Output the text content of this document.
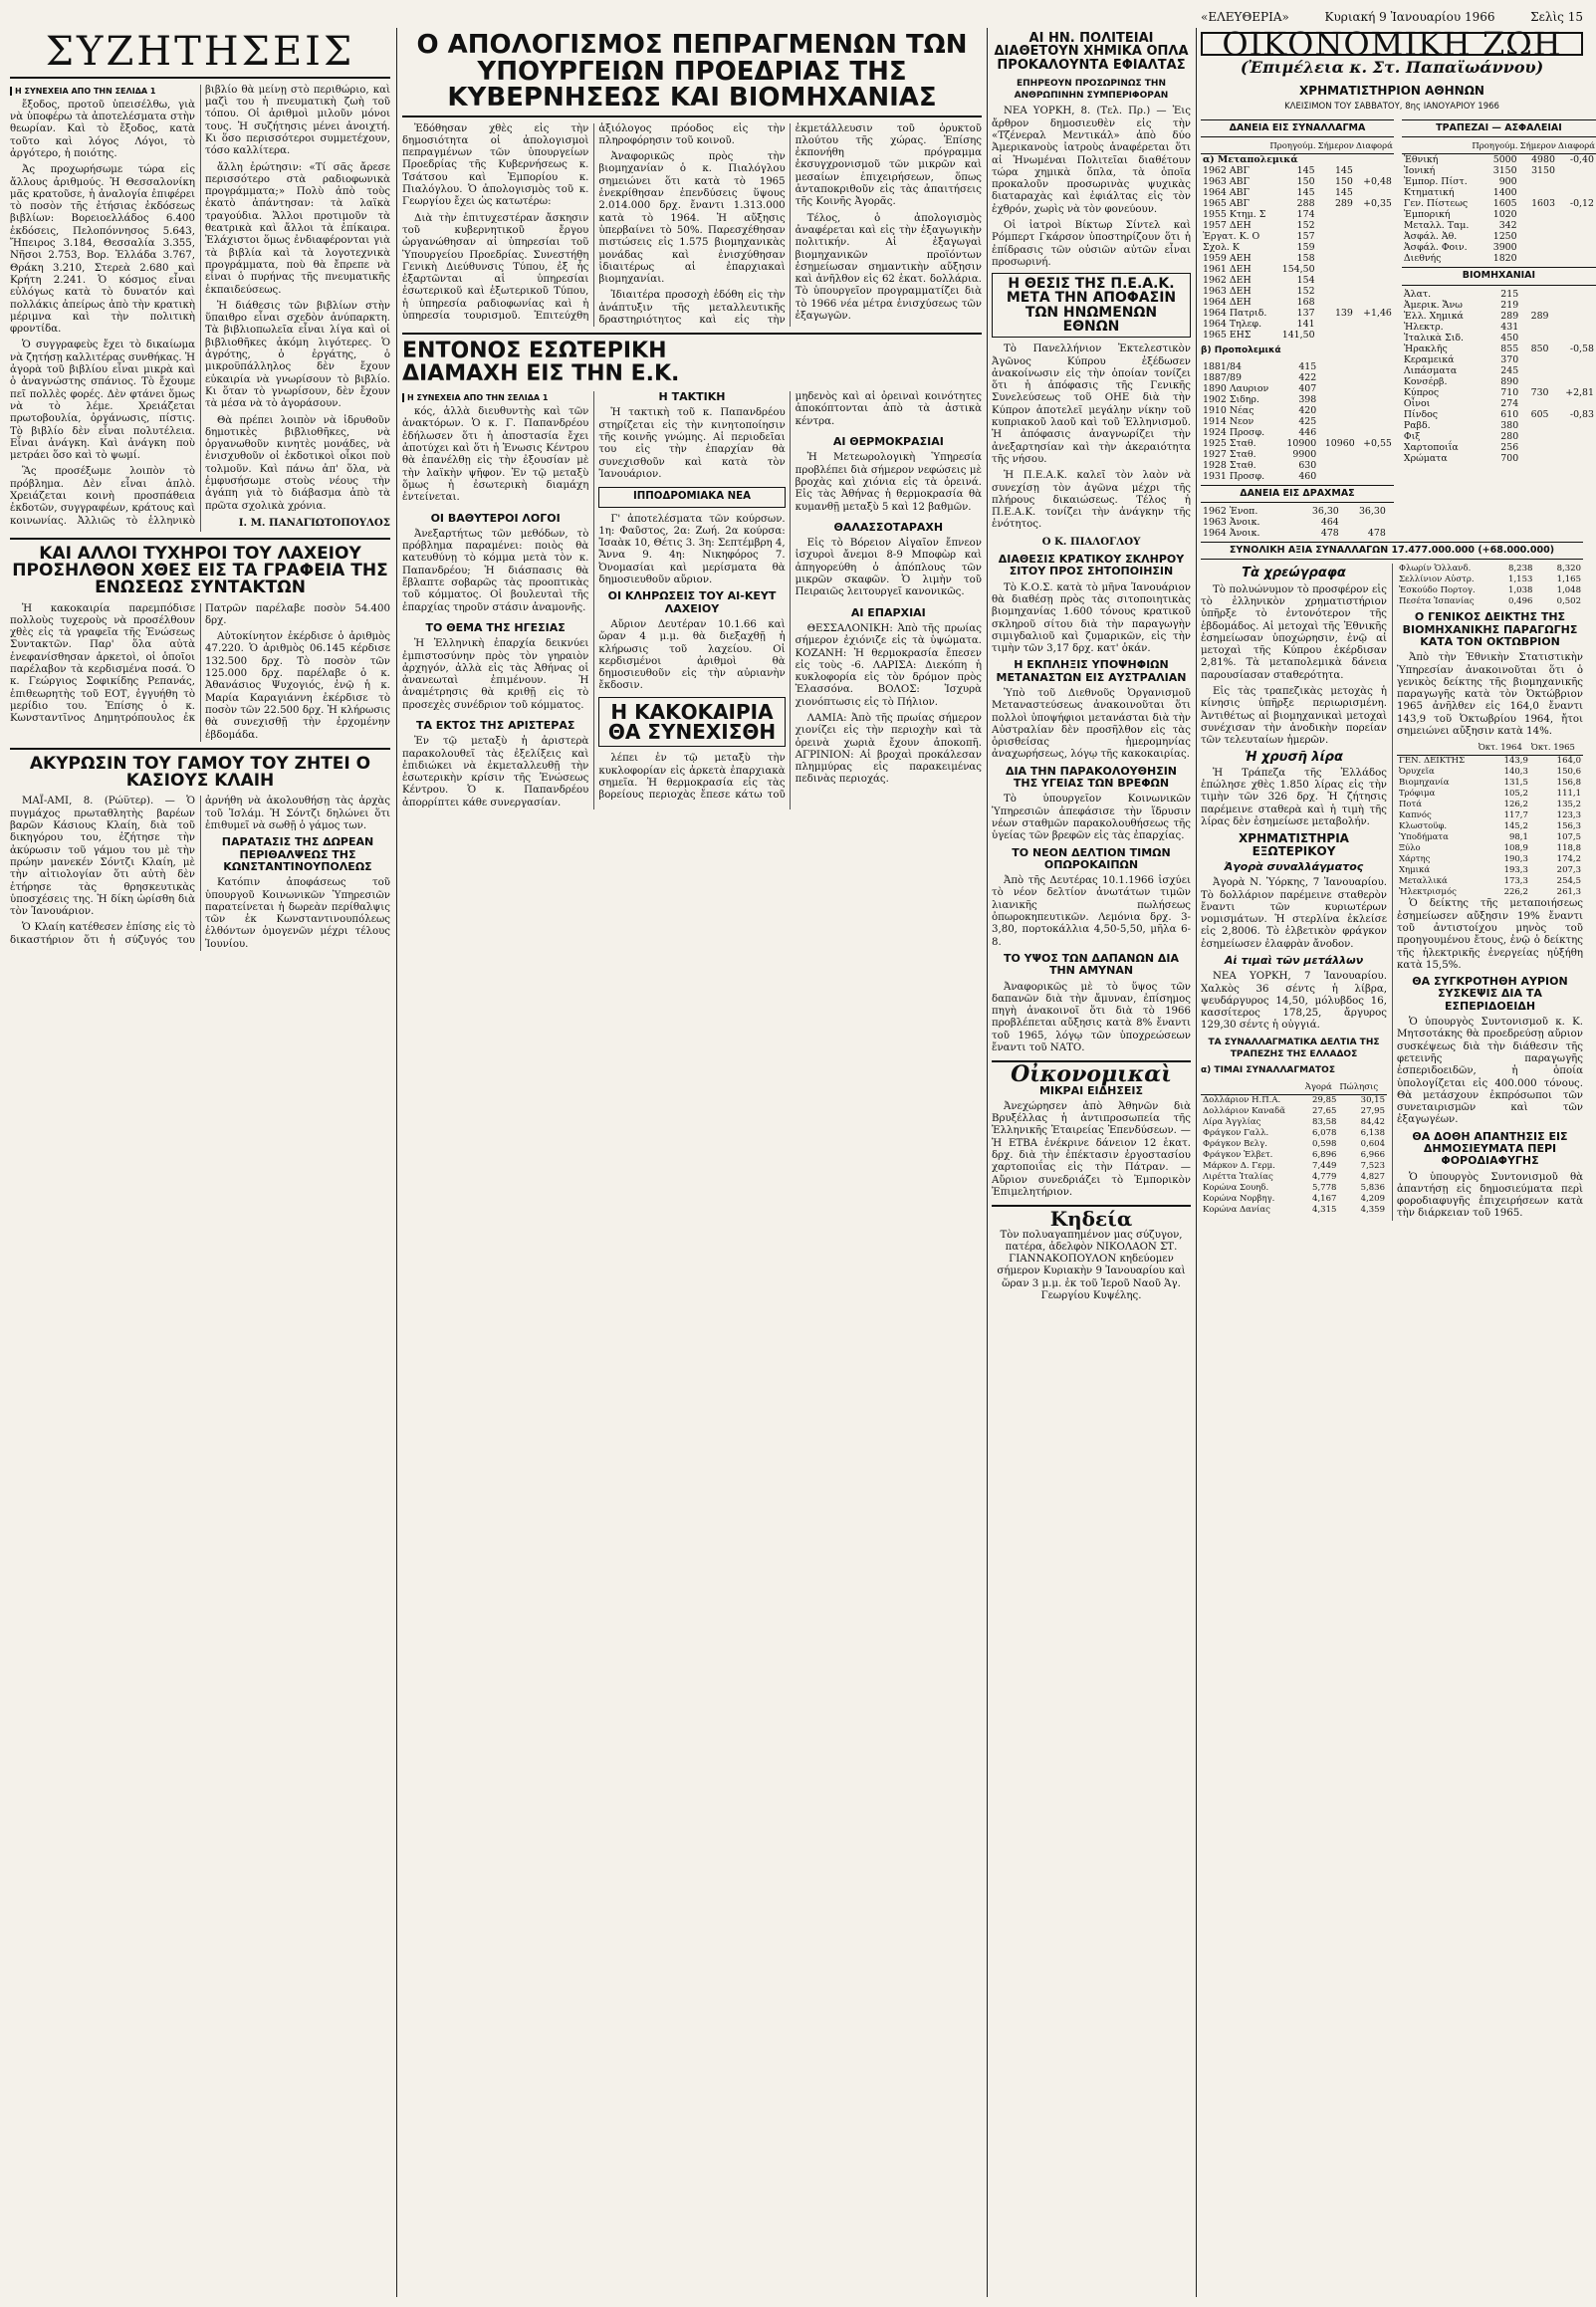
«ΕΛΕΥΘΕΡΙΑ»	Κυριακή 9 Ἰανουαρίου 1966	Σελὶς 15
ΣΥΖΗΤΗΣΕΙΣ
Η ΣΥΝΕΧΕΙΑ ΑΠΟ ΤΗΝ ΣΕΛΙΔΑ 1

ἔξοδος, προτοῦ ὑπεισέλθω, γιὰ νὰ ὑποφέρω τὰ ἀποτελέσματα στὴν θεωρίαν. Καὶ τὸ ἔξοδος, κατὰ τοῦτο καὶ λόγος Λόγοι, τὸ ἀργότερο, ἡ ποιότης.

Ἀς προχωρήσωμε τώρα εἰς ἄλλους ἀριθμούς. Ἡ Θεσσαλονίκη μᾶς κρατοῦσε, ἡ ἀναλογία ἐπιφέρει τὸ ποσὸν τῆς ἐτήσιας ἐκδόσεως βιβλίων: Βορειοελλάδος 6.400 ἐκδόσεις, Πελοπόννησος 5.643, Ἤπειρος 3.184, Θεσσαλία 3.355, Νῆσοι 2.753, Βορ. Ἑλλάδα 3.767, Θράκη 3.210, Στερεὰ 2.680 καὶ Κρήτη 2.241. Ὁ κόσμος εἶναι εὐλόγως κατὰ τὸ δυνατόν καὶ πολλάκις ἀπείρως ἀπὸ τὴν κρατικὴ μέριμνα καὶ τὴν πολιτικὴ φροντίδα.

Ὁ συγγραφεὺς ἔχει τὸ δικαίωμα νὰ ζητήσῃ καλλιτέρας συνθήκας. Ἡ ἀγορὰ τοῦ βιβλίου εἶναι μικρὰ καὶ ὁ ἀναγνώστης σπάνιος. Τὸ ἔχουμε πεῖ πολλὲς φορές. Δὲν φτάνει ὅμως νὰ τὸ λέμε. Χρειάζεται πρωτοβουλία, ὀργάνωσις, πίστις. Τὸ βιβλίο δὲν εἶναι πολυτέλεια. Εἶναι ἀνάγκη. Καὶ ἀνάγκη ποὺ μετράει ὅσο καὶ τὸ ψωμί.

Ἂς προσέξωμε λοιπὸν τὸ πρόβλημα. Δὲν εἶναι ἁπλὸ. Χρειάζεται κοινὴ προσπάθεια ἐκδοτῶν, συγγραφέων, κράτους καὶ κοινωνίας. Ἀλλιῶς τὸ ἑλληνικὸ βιβλίο θὰ μείνῃ στὸ περιθώριο, καὶ μαζὶ του ἡ πνευματικὴ ζωὴ τοῦ τόπου. Οἱ ἀριθμοὶ μιλοῦν μόνοι τους. Ἡ συζήτησις μένει ἀνοιχτή. Κι ὅσο περισσότεροι συμμετέχουν, τόσο καλλίτερα.

ἄλλη ἐρώτησιν: «Τί σᾶς ἄρεσε περισσότερο στὰ ραδιοφωνικὰ προγράμματα;» Πολὺ ἀπὸ τοὺς ἑκατὸ ἀπάντησαν: τὰ λαϊκὰ τραγούδια. Ἄλλοι προτιμοῦν τὰ θεατρικὰ καὶ ἄλλοι τὰ ἐπίκαιρα. Ἐλάχιστοι ὅμως ἐνδιαφέρονται γιὰ τὰ βιβλία καὶ τὰ λογοτεχνικὰ προγράμματα, ποὺ θὰ ἔπρεπε νὰ εἶναι ὁ πυρήνας τῆς πνευματικῆς ἐκπαιδεύσεως.

Ἡ διάθεσις τῶν βιβλίων στὴν ὕπαιθρο εἶναι σχεδὸν ἀνύπαρκτη. Τὰ βιβλιοπωλεῖα εἶναι λίγα καὶ οἱ βιβλιοθῆκες ἀκόμη λιγότερες. Ὁ ἀγρότης, ὁ ἐργάτης, ὁ μικροϋπάλληλος δὲν ἔχουν εὐκαιρία νὰ γνωρίσουν τὸ βιβλίο. Κι ὅταν τὸ γνωρίσουν, δὲν ἔχουν τὰ μέσα νὰ τὸ ἀγοράσουν.

Θὰ πρέπει λοιπὸν νὰ ἱδρυθοῦν δημοτικὲς βιβλιοθῆκες, νὰ ὀργανωθοῦν κινητὲς μονάδες, νὰ ἐνισχυθοῦν οἱ ἐκδοτικοὶ οἶκοι ποὺ τολμοῦν. Καὶ πάνω ἀπ' ὅλα, νὰ ἐμφυσήσωμε στοὺς νέους τὴν ἀγάπη γιὰ τὸ διάβασμα ἀπὸ τὰ πρῶτα σχολικὰ χρόνια.

Ι. Μ. ΠΑΝΑΓΙΩΤΟΠΟΥΛΟΣ
ΚΑΙ ΑΛΛΟΙ ΤΥΧΗΡΟΙ ΤΟΥ ΛΑΧΕΙΟΥ ΠΡΟΣΗΛΘΟΝ ΧΘΕΣ ΕΙΣ ΤΑ ΓΡΑΦΕΙΑ ΤΗΣ ΕΝΩΣΕΩΣ ΣΥΝΤΑΚΤΩΝ

Ἡ κακοκαιρία παρεμπόδισε πολλοὺς τυχεροὺς νὰ προσέλθουν χθὲς εἰς τὰ γραφεῖα τῆς Ἑνώσεως Συντακτῶν. Παρ' ὅλα αὐτὰ ἐνεφανίσθησαν ἀρκετοὶ, οἱ ὁποῖοι παρέλαβον τὰ κερδισμένα ποσά. Ὁ κ. Γεώργιος Σοφικίδης Ρεπανάς, ἐπιθεωρητὴς τοῦ ΕΟΤ, ἐγγυήθη τὸ μερίδιο του. Ἐπίσης ὁ κ. Κωνσταντῖνος Δημητρόπουλος ἐκ Πατρῶν παρέλαβε ποσὸν 54.400 δρχ.

Αὐτοκίνητον ἐκέρδισε ὁ ἀριθμὸς 47.220. Ὁ ἀριθμὸς 06.145 κέρδισε 132.500 δρχ. Τὸ ποσὸν τῶν 125.000 δρχ. παρέλαβε ὁ κ. Ἀθανάσιος Ψυχογιός, ἐνῷ ἡ κ. Μαρία Καραγιάννη ἐκέρδισε τὸ ποσὸν τῶν 22.500 δρχ. Ἡ κλήρωσις θὰ συνεχισθῇ τὴν ἐρχομένην ἑβδομάδα.

ΑΚΥΡΩΣΙΝ ΤΟΥ ΓΑΜΟΥ ΤΟΥ ΖΗΤΕΙ Ο ΚΑΣΙΟΥΣ ΚΛΑΙΗ

ΜΑΪ-ΑΜΙ, 8. (Ρώϋτερ). — Ὁ πυγμάχος πρωταθλητὴς βαρέων βαρῶν Κάσιους Κλαίη, διὰ τοῦ δικηγόρου του, ἐζήτησε τὴν ἀκύρωσιν τοῦ γάμου του μὲ τὴν πρώην μανεκέν Σόντζι Κλαίη, μὲ τὴν αἰτιολογίαν ὅτι αὐτὴ δὲν ἐτήρησε τὰς θρησκευτικὰς ὑποσχέσεις της. Ἡ δίκη ὡρίσθη διὰ τὸν Ἰανουάριον.

Ὁ Κλαίη κατέθεσεν ἐπίσης εἰς τὸ δικαστήριον ὅτι ἡ σύζυγός του ἀρνήθη νὰ ἀκολουθήσῃ τὰς ἀρχὰς τοῦ Ἰσλάμ. Ἡ Σόντζι δηλώνει ὅτι ἐπιθυμεῖ νὰ σωθῇ ὁ γάμος των.

ΠΑΡΑΤΑΣΙΣ ΤΗΣ ΔΩΡΕΑΝ ΠΕΡΙΘΑΛΨΕΩΣ ΤΗΣ ΚΩΝΣΤΑΝΤΙΝΟΥΠΟΛΕΩΣ

Κατόπιν ἀποφάσεως τοῦ ὑπουργοῦ Κοινωνικῶν Ὑπηρεσιῶν παρατείνεται ἡ δωρεὰν περίθαλψις τῶν ἐκ Κωνσταντινουπόλεως ἐλθόντων ὁμογενῶν μέχρι τέλους Ἰουνίου.

Ο ΑΠΟΛΟΓΙΣΜΟΣ ΠΕΠΡΑΓΜΕΝΩΝ ΤΩΝ ΥΠΟΥΡΓΕΙΩΝ ΠΡΟΕΔΡΙΑΣ ΤΗΣ ΚΥΒΕΡΝΗΣΕΩΣ ΚΑΙ ΒΙΟΜΗΧΑΝΙΑΣ

Ἐδόθησαν χθὲς εἰς τὴν δημοσιότητα οἱ ἀπολογισμοὶ πεπραγμένων τῶν ὑπουργείων Προεδρίας τῆς Κυβερνήσεως κ. Τσάτσου καὶ Ἐμπορίου κ. Πιαλόγλου. Ὁ ἀπολογισμὸς τοῦ κ. Γεωργίου ἔχει ὡς κατωτέρω:

Διὰ τὴν ἐπιτυχεστέραν ἄσκησιν τοῦ κυβερνητικοῦ ἔργου ὠργανώθησαν αἱ ὑπηρεσίαι τοῦ Ὑπουργείου Προεδρίας. Συνεστήθη Γενικὴ Διεύθυνσις Τύπου, ἐξ ἧς ἐξαρτῶνται αἱ ὑπηρεσίαι ἐσωτερικοῦ καὶ ἐξωτερικοῦ Τύπου, ἡ ὑπηρεσία ραδιοφωνίας καὶ ἡ ὑπηρεσία τουρισμοῦ. Ἐπιτεύχθη ἀξιόλογος πρόοδος εἰς τὴν πληροφόρησιν τοῦ κοινοῦ.

Ἀναφορικῶς πρὸς τὴν βιομηχανίαν ὁ κ. Πιαλόγλου σημειώνει ὅτι κατὰ τὸ 1965 ἐνεκρίθησαν ἐπενδύσεις ὕψους 2.014.000 δρχ. ἔναντι 1.313.000 κατὰ τὸ 1964. Ἡ αὔξησις ὑπερβαίνει τὸ 50%. Παρεσχέθησαν πιστώσεις εἰς 1.575 βιομηχανικὰς μονάδας καὶ ἐνισχύθησαν ἰδιαιτέρως αἱ ἐπαρχιακαὶ βιομηχανίαι.

Ἰδιαιτέρα προσοχὴ ἐδόθη εἰς τὴν ἀνάπτυξιν τῆς μεταλλευτικῆς δραστηριότητος καὶ εἰς τὴν ἐκμετάλλευσιν τοῦ ὀρυκτοῦ πλούτου τῆς χώρας. Ἐπίσης ἐκπονήθη πρόγραμμα ἐκσυγχρονισμοῦ τῶν μικρῶν καὶ μεσαίων ἐπιχειρήσεων, ὅπως ἀνταποκριθοῦν εἰς τὰς ἀπαιτήσεις τῆς Κοινῆς Ἀγορᾶς.

Τέλος, ὁ ἀπολογισμὸς ἀναφέρεται καὶ εἰς τὴν ἐξαγωγικὴν πολιτικήν. Αἱ ἐξαγωγαὶ βιομηχανικῶν προϊόντων ἐσημείωσαν σημαντικὴν αὔξησιν καὶ ἀνῆλθον εἰς 62 ἑκατ. δολλάρια. Τὸ ὑπουργεῖον προγραμματίζει διὰ τὸ 1966 νέα μέτρα ἐνισχύσεως τῶν ἐξαγωγῶν.

ΕΝΤΟΝΟΣ ΕΣΩΤΕΡΙΚΗ ΔΙΑΜΑΧΗ ΕΙΣ ΤΗΝ Ε.Κ.
Η ΣΥΝΕΧΕΙΑ ΑΠΟ ΤΗΝ ΣΕΛΙΔΑ 1

κός, ἀλλὰ διευθυντὴς καὶ τῶν ἀνακτόρων. Ὁ κ. Γ. Παπανδρέου ἐδήλωσεν ὅτι ἡ ἀποστασία ἔχει ἀποτύχει καὶ ὅτι ἡ Ἑνωσις Κέντρου θὰ ἐπανέλθῃ εἰς τὴν ἐξουσίαν μὲ τὴν λαϊκὴν ψῆφον. Ἐν τῷ μεταξὺ ὅμως ἡ ἐσωτερικὴ διαμάχη ἐντείνεται.

ΟΙ ΒΑΘΥΤΕΡΟΙ ΛΟΓΟΙ

Ἀνεξαρτήτως τῶν μεθόδων, τὸ πρόβλημα παραμένει: ποιὸς θὰ κατευθύνῃ τὸ κόμμα μετὰ τὸν κ. Παπανδρέου; Ἡ διάσπασις θὰ ἔβλαπτε σοβαρῶς τὰς προοπτικὰς τοῦ κόμματος. Οἱ βουλευταὶ τῆς ἐπαρχίας τηροῦν στάσιν ἀναμονῆς.

ΤΟ ΘΕΜΑ ΤΗΣ ΗΓΕΣΙΑΣ

Ἡ Ἑλληνικὴ ἐπαρχία δεικνύει ἐμπιστοσύνην πρὸς τὸν γηραιὸν ἀρχηγόν, ἀλλὰ εἰς τὰς Ἀθήνας οἱ ἀνανεωταὶ ἐπιμένουν. Ἡ ἀναμέτρησις θὰ κριθῇ εἰς τὸ προσεχὲς συνέδριον τοῦ κόμματος.

ΤΑ ΕΚΤΟΣ ΤΗΣ ΑΡΙΣΤΕΡΑΣ

Ἐν τῷ μεταξὺ ἡ ἀριστερὰ παρακολουθεῖ τὰς ἐξελίξεις καὶ ἐπιδιώκει νὰ ἐκμεταλλευθῇ τὴν ἐσωτερικὴν κρίσιν τῆς Ἑνώσεως Κέντρου. Ὁ κ. Παπανδρέου ἀπορρίπτει κάθε συνεργασίαν.

Η ΤΑΚΤΙΚΗ

Ἡ τακτικὴ τοῦ κ. Παπανδρέου στηρίζεται εἰς τὴν κινητοποίησιν τῆς κοινῆς γνώμης. Αἱ περιοδεῖαι του εἰς τὴν ἐπαρχίαν θὰ συνεχισθοῦν καὶ κατὰ τὸν Ἰανουάριον.

ΙΠΠΟΔΡΟΜΙΑΚΑ ΝΕΑ

Γ' ἀποτελέσματα τῶν κούρσων. 1η: Φαῦστος, 2α: Ζωή. 2α κούρσα: Ἰσαὰκ 10, Θέτις 3. 3η: Σεπτέμβρη 4, Ἄννα 9. 4η: Νικηφόρος 7. Ὀνομασίαι καὶ μερίσματα θὰ δημοσιευθοῦν αὔριον.

ΟΙ ΚΛΗΡΩΣΕΙΣ ΤΟΥ ΑΙ-ΚΕΥΤ ΛΑΧΕΙΟΥ

Αὔριον Δευτέραν 10.1.66 καὶ ὥραν 4 μ.μ. θὰ διεξαχθῇ ἡ κλήρωσις τοῦ λαχείου. Οἱ κερδισμένοι ἀριθμοὶ θὰ δημοσιευθοῦν εἰς τὴν αὐριανὴν ἔκδοσιν.

Η ΚΑΚΟΚΑΙΡΙΑ ΘΑ ΣΥΝΕΧΙΣΘΗ

λέπει ἐν τῷ μεταξὺ τὴν κυκλοφορίαν εἰς ἀρκετὰ ἐπαρχιακὰ σημεῖα. Ἡ θερμοκρασία εἰς τὰς βορείους περιοχὰς ἔπεσε κάτω τοῦ μηδενὸς καὶ αἱ ὀρειναὶ κοινότητες ἀποκόπτονται ἀπὸ τὰ ἀστικὰ κέντρα.

ΑΙ ΘΕΡΜΟΚΡΑΣΙΑΙ

Ἡ Μετεωρολογικὴ Ὑπηρεσία προβλέπει διὰ σήμερον νεφώσεις μὲ βροχὰς καὶ χιόνια εἰς τὰ ὀρεινά. Εἰς τὰς Ἀθήνας ἡ θερμοκρασία θὰ κυμανθῇ μεταξὺ 5 καὶ 12 βαθμῶν.

ΘΑΛΑΣΣΟΤΑΡΑΧΗ

Εἰς τὸ Βόρειον Αἰγαῖον ἔπνεον ἰσχυροὶ ἄνεμοι 8-9 Μποφὼρ καὶ ἀπηγορεύθη ὁ ἀπόπλους τῶν μικρῶν σκαφῶν. Ὁ λιμὴν τοῦ Πειραιῶς λειτουργεῖ κανονικῶς.

ΑΙ ΕΠΑΡΧΙΑΙ

ΘΕΣΣΑΛΟΝΙΚΗ: Ἀπὸ τῆς πρωίας σήμερον ἐχιόνιζε εἰς τὰ ὑψώματα. ΚΟΖΑΝΗ: Ἡ θερμοκρασία ἔπεσεν εἰς τοὺς -6. ΛΑΡΙΣΑ: Διεκόπη ἡ κυκλοφορία εἰς τὸν δρόμον πρὸς Ἐλασσόνα. ΒΟΛΟΣ: Ἰσχυρὰ χιονόπτωσις εἰς τὸ Πήλιον.

ΛΑΜΙΑ: Ἀπὸ τῆς πρωίας σήμερον χιονίζει εἰς τὴν περιοχὴν καὶ τὰ ὀρεινὰ χωριὰ ἔχουν ἀποκοπῆ. ΑΓΡΙΝΙΟΝ: Αἱ βροχαὶ προκάλεσαν πλημμύρας εἰς παρακειμένας πεδινὰς περιοχάς.

ΑΙ ΗΝ. ΠΟΛΙΤΕΙΑΙ ΔΙΑΘΕΤΟΥΝ ΧΗΜΙΚΑ ΟΠΛΑ ΠΡΟΚΑΛΟΥΝΤΑ ΕΦΙΑΛΤΑΣ
ΕΠΗΡΕΟΥΝ ΠΡΟΣΩΡΙΝΩΣ ΤΗΝ ΑΝΘΡΩΠΙΝΗΝ ΣΥΜΠΕΡΙΦΟΡΑΝ

ΝΕΑ ΥΟΡΚΗ, 8. (Τελ. Πρ.) — Ἐις ἄρθρον δημοσιευθὲν εἰς τὴν «Τζένεραλ Μεντικάλ» ἀπὸ δύο Ἀμερικανοὺς ἰατροὺς ἀναφέρεται ὅτι αἱ Ἡνωμέναι Πολιτεῖαι διαθέτουν τώρα χημικὰ ὅπλα, τὰ ὁποῖα προκαλοῦν προσωρινὰς ψυχικὰς διαταραχὰς καὶ ἐφιάλτας εἰς τὸν ἐχθρόν, χωρὶς νὰ τὸν φονεύουν.

Οἱ ἰατροὶ Βίκτωρ Σίντελ καὶ Ρόμπερτ Γκάρσον ὑποστηρίζουν ὅτι ἡ ἐπίδρασις τῶν οὐσιῶν αὐτῶν εἶναι προσωρινή.

Η ΘΕΣΙΣ ΤΗΣ Π.Ε.Α.Κ. ΜΕΤΑ ΤΗΝ ΑΠΟΦΑΣΙΝ ΤΩΝ ΗΝΩΜΕΝΩΝ ΕΘΝΩΝ

Τὸ Πανελλήνιον Ἐκτελεστικὸν Ἀγῶνος Κύπρου ἐξέδωσεν ἀνακοίνωσιν εἰς τὴν ὁποίαν τονίζει ὅτι ἡ ἀπόφασις τῆς Γενικῆς Συνελεύσεως τοῦ ΟΗΕ διὰ τὴν Κύπρον ἀποτελεῖ μεγάλην νίκην τοῦ κυπριακοῦ λαοῦ καὶ τοῦ Ἑλληνισμοῦ. Ἡ ἀπόφασις ἀναγνωρίζει τὴν ἀνεξαρτησίαν καὶ τὴν ἀκεραιότητα τῆς νήσου.

Ἡ Π.Ε.Α.Κ. καλεῖ τὸν λαὸν νὰ συνεχίσῃ τὸν ἀγῶνα μέχρι τῆς πλήρους δικαιώσεως. Τέλος ἡ Π.Ε.Α.Κ. τονίζει τὴν ἀνάγκην τῆς ἑνότητος.

Ο Κ. ΠΙΑΛΟΓΛΟΥ
ΔΙΑΘΕΣΙΣ ΚΡΑΤΙΚΟΥ ΣΚΛΗΡΟΥ ΣΙΤΟΥ ΠΡΟΣ ΣΗΤΟΠΟΙΗΣΙΝ

Τὸ Κ.Ο.Σ. κατὰ τὸ μῆνα Ἰανουάριον θὰ διαθέσῃ πρὸς τὰς σιτοποιητικὰς βιομηχανίας 1.600 τόνους κρατικοῦ σκληροῦ σίτου διὰ τὴν παραγωγὴν σιμιγδαλιοῦ καὶ ζυμαρικῶν, εἰς τὴν τιμὴν τῶν 3,17 δρχ. κατ' ὀκάν.

Η ΕΚΠΛΗΞΙΣ ΥΠΟΨΗΦΙΩΝ ΜΕΤΑΝΑΣΤΩΝ ΕΙΣ ΑΥΣΤΡΑΛΙΑΝ

Ὑπὸ τοῦ Διεθνοῦς Ὀργανισμοῦ Μεταναστεύσεως ἀνακοινοῦται ὅτι πολλοὶ ὑποψήφιοι μετανάσται διὰ τὴν Αὐστραλίαν δὲν προσῆλθον εἰς τὰς ὁρισθείσας ἡμερομηνίας ἀναχωρήσεως, λόγῳ τῆς κακοκαιρίας.

ΔΙΑ ΤΗΝ ΠΑΡΑΚΟΛΟΥΘΗΣΙΝ ΤΗΣ ΥΓΕΙΑΣ ΤΩΝ ΒΡΕΦΩΝ

Τὸ ὑπουργεῖον Κοινωνικῶν Ὑπηρεσιῶν ἀπεφάσισε τὴν ἵδρυσιν νέων σταθμῶν παρακολουθήσεως τῆς ὑγείας τῶν βρεφῶν εἰς τὰς ἐπαρχίας.

ΤΟ ΝΕΟΝ ΔΕΛΤΙΟΝ ΤΙΜΩΝ ΟΠΩΡΟΚΑΙΠΩΝ

Ἀπὸ τῆς Δευτέρας 10.1.1966 ἰσχύει τὸ νέον δελτίον ἀνωτάτων τιμῶν λιανικῆς πωλήσεως ὀπωροκηπευτικῶν. Λεμόνια δρχ. 3-3,80, πορτοκάλλια 4,50-5,50, μῆλα 6-8.

ΤΟ ΥΨΟΣ ΤΩΝ ΔΑΠΑΝΩΝ ΔΙΑ ΤΗΝ ΑΜΥΝΑΝ

Ἀναφορικῶς μὲ τὸ ὕψος τῶν δαπανῶν διὰ τὴν ἄμυναν, ἐπίσημος πηγὴ ἀνακοινοῖ ὅτι διὰ τὸ 1966 προβλέπεται αὔξησις κατὰ 8% ἔναντι τοῦ 1965, λόγῳ τῶν ὑποχρεώσεων ἔναντι τοῦ ΝΑΤΟ.

Οἰκονομικαὶ
ΜΙΚΡΑΙ ΕΙΔΗΣΕΙΣ

Ἀνεχώρησεν ἀπὸ Ἀθηνῶν διὰ Βρυξέλλας ἡ ἀντιπροσωπεία τῆς Ἑλληνικῆς Ἑταιρείας Ἐπενδύσεων. — Ἡ ΕΤΒΑ ἐνέκρινε δάνειον 12 ἑκατ. δρχ. διὰ τὴν ἐπέκτασιν ἐργοστασίου χαρτοποιΐας εἰς τὴν Πάτραν. — Αὔριον συνεδριάζει τὸ Ἐμπορικὸν Ἐπιμελητήριον.

Κηδεία

Τὸν πολυαγαπημένον μας σύζυγον, πατέρα, ἀδελφὸν ΝΙΚΟΛΑΟΝ ΣΤ. ΓΙΑΝΝΑΚΟΠΟΥΛΟΝ κηδεύομεν σήμερον Κυριακὴν 9 Ἰανουαρίου καὶ ὥραν 3 μ.μ. ἐκ τοῦ Ἱεροῦ Ναοῦ Ἁγ. Γεωργίου Κυψέλης.

ΟΙΚΟΝΟΜΙΚΗ ΖΩΗ
(Ἐπιμέλεια κ. Στ. Παπαϊωάννου)
ΧΡΗΜΑΤΙΣΤΗΡΙΟΝ ΑΘΗΝΩΝ
ΚΛΕΙΣΙΜΟΝ ΤΟΥ ΣΑΒΒΑΤΟΥ, 8ης ΙΑΝΟΥΑΡΙΟΥ 1966
ΔΑΝΕΙΑ ΕΙΣ ΣΥΝΑΛΛΑΓΜΑ
	Προηγούμ.	Σήμερον	Διαφορά
α) Μεταπολεμικά			
1962 ΑΒΓ	145	145	
1963 ΑΒΓ	150	150	+0,48
1964 ΑΒΓ	145	145	
1965 ΑΒΓ	288	289	+0,35
1955 Κτημ. Σ	174		
1957 ΔΕΗ	152		
Ἐργατ. Κ. Ο	157		
Σχολ. Κ	159		
1959 ΑΕΗ	158		
1961 ΔΕΗ	154,50		
1962 ΔΕΗ	154		
1963 ΔΕΗ	152		
1964 ΔΕΗ	168		
1964 Πατριδ.	137	139	+1,46
1964 Τηλεφ.	141		
1965 ΕΗΣ	141,50		
β) Προπολεμικά
1881/84	415		
1887/89	422		
1890 Λαυριον	407		
1902 Σιδηρ.	398		
1910 Νέας	420		
1914 Νεον	425		
1924 Προσφ.	446		
1925 Σταθ.	10900	10960	+0,55
1927 Σταθ.	9900		
1928 Σταθ.	630		
1931 Προσφ.	460		
ΔΑΝΕΙΑ ΕΙΣ ΔΡΑΧΜΑΣ
1962 Ἐνοπ.	36,30	36,30	
1963 Ἀνοικ.	464		
1964 Ἀνοικ.	478	478	
ΤΡΑΠΕΖΑΙ — ΑΣΦΑΛΕΙΑΙ
	Προηγούμ.	Σήμερον	Διαφορά
Ἐθνική	5000	4980	-0,40
Ἰονική	3150	3150	
Ἐμπορ. Πίστ.	900		
Κτηματική	1400		
Γεν. Πίστεως	1605	1603	-0,12
Ἐμπορική	1020		
Μεταλλ. Ταμ.	342		
Ἀσφάλ. Ἀθ.	1250		
Ἀσφάλ. Φοιν.	3900		
Διεθνής	1820		
ΒΙΟΜΗΧΑΝΙΑΙ
Ἀλατ.	215		
Ἀμερικ. Ἄνω	219		
Ἑλλ. Χημικά	289	289	
Ἠλεκτρ.	431		
Ἰταλικὰ Σιδ.	450		
Ἡρακλῆς	855	850	-0,58
Κεραμεικά	370		
Λιπάσματα	245		
Κονσέρβ.	890		
Κύπρος	710	730	+2,81
Οἶνοι	274		
Πίνδος	610	605	-0,83
Ραβδ.	380		
Φιξ	280		
Χαρτοποιΐα	256		
Χρώματα	700		
ΣΥΝΟΛΙΚΗ ΑΞΙΑ ΣΥΝΑΛΛΑΓΩΝ 17.477.000.000 (+68.000.000)
Τὰ χρεώγραφα

Τὸ πολυώνυμον τὸ προσφέρον εἰς τὸ ἑλληνικὸν χρηματιστήριον ὑπῆρξε τὸ ἐντονότερον τῆς ἑβδομάδος. Αἱ μετοχαὶ τῆς Ἐθνικῆς ἐσημείωσαν ὑποχώρησιν, ἐνῷ αἱ μετοχαὶ τῆς Κύπρου ἐκέρδισαν 2,81%. Τὰ μεταπολεμικὰ δάνεια παρουσίασαν σταθερότητα.

Εἰς τὰς τραπεζικὰς μετοχὰς ἡ κίνησις ὑπῆρξε περιωρισμένη. Ἀντιθέτως αἱ βιομηχανικαὶ μετοχαὶ συνέχισαν τὴν ἀνοδικὴν πορείαν τῶν τελευταίων ἡμερῶν.

Ἡ χρυσῆ λίρα

Ἡ Τράπεζα τῆς Ἑλλάδος ἐπώλησε χθὲς 1.850 λίρας εἰς τὴν τιμὴν τῶν 326 δρχ. Ἡ ζήτησις παρέμεινε σταθερὰ καὶ ἡ τιμὴ τῆς λίρας δὲν ἐσημείωσε μεταβολήν.

ΧΡΗΜΑΤΙΣΤΗΡΙΑ ΕΞΩΤΕΡΙΚΟΥ
Ἀγορὰ συναλλάγματος

Ἀγορὰ Ν. Ὑόρκης, 7 Ἰανουαρίου. Τὸ δολλάριον παρέμεινε σταθερὸν ἔναντι τῶν κυριωτέρων νομισμάτων. Ἡ στερλίνα ἐκλείσε εἰς 2,8006. Τὸ ἑλβετικὸν φράγκον ἐσημείωσεν ἐλαφρὰν ἄνοδον.

Αἱ τιμαὶ τῶν μετάλλων

ΝΕΑ ΥΟΡΚΗ, 7 Ἰανουαρίου. Χαλκὸς 36 σέντς ἡ λίβρα, ψευδάργυρος 14,50, μόλυβδος 16, κασσίτερος 178,25, ἄργυρος 129,30 σέντς ἡ οὐγγιά.

ΤΑ ΣΥΝΑΛΛΑΓΜΑΤΙΚΑ ΔΕΛΤΙΑ ΤΗΣ ΤΡΑΠΕΖΗΣ ΤΗΣ ΕΛΛΑΔΟΣ
α) ΤΙΜΑΙ ΣΥΝΑΛΛΑΓΜΑΤΟΣ
	Ἀγορά	Πώλησις
Δολλάριον Η.Π.Α.	29,85	30,15
Δολλάριον Καναδᾶ	27,65	27,95
Λίρα Ἀγγλίας	83,58	84,42
Φράγκον Γαλλ.	6,078	6,138
Φράγκον Βελγ.	0,598	0,604
Φράγκον Ἑλβετ.	6,896	6,966
Μάρκον Δ. Γερμ.	7,449	7,523
Λιρέττα Ἰταλίας	4,779	4,827
Κορώνα Σουηδ.	5,778	5,836
Κορώνα Νορβηγ.	4,167	4,209
Κορώνα Δανίας	4,315	4,359
Φλωρίν Ὁλλανδ.	8,238	8,320
Σελλίνιον Αὐστρ.	1,153	1,165
Ἐσκούδο Πορτογ.	1,038	1,048
Πεσέτα Ἱσπανίας	0,496	0,502
Ο ΓΕΝΙΚΟΣ ΔΕΙΚΤΗΣ ΤΗΣ ΒΙΟΜΗΧΑΝΙΚΗΣ ΠΑΡΑΓΩΓΗΣ ΚΑΤΑ ΤΟΝ ΟΚΤΩΒΡΙΟΝ

Ἀπὸ τὴν Ἐθνικὴν Στατιστικὴν Ὑπηρεσίαν ἀνακοινοῦται ὅτι ὁ γενικὸς δείκτης τῆς βιομηχανικῆς παραγωγῆς κατὰ τὸν Ὀκτώβριον 1965 ἀνῆλθεν εἰς 164,0 ἔναντι 143,9 τοῦ Ὀκτωβρίου 1964, ἤτοι σημειώνει αὔξησιν κατὰ 14%.

	Ὀκτ. 1964	Ὀκτ. 1965
ΓΕΝ. ΔΕΙΚΤΗΣ	143,9	164,0
Ὀρυχεῖα	140,3	150,6
Βιομηχανία	131,5	156,8
Τρόφιμα	105,2	111,1
Ποτά	126,2	135,2
Καπνός	117,7	123,3
Κλωστοϋφ.	145,2	156,3
Ὑποδήματα	98,1	107,5
Ξύλο	108,9	118,8
Χάρτης	190,3	174,2
Χημικά	193,3	207,3
Μεταλλικά	173,3	254,5
Ἠλεκτρισμός	226,2	261,3

Ὁ δείκτης τῆς μεταποιήσεως ἐσημείωσεν αὔξησιν 19% ἔναντι τοῦ ἀντιστοίχου μηνὸς τοῦ προηγουμένου ἔτους, ἐνῷ ὁ δείκτης τῆς ἠλεκτρικῆς ἐνεργείας ηὐξήθη κατὰ 15,5%.

ΘΑ ΣΥΓΚΡΟΤΗΘΗ ΑΥΡΙΟΝ ΣΥΣΚΕΨΙΣ ΔΙΑ ΤΑ ΕΣΠΕΡΙΔΟΕΙΔΗ

Ὁ ὑπουργὸς Συντονισμοῦ κ. Κ. Μητσοτάκης θὰ προεδρεύσῃ αὔριον συσκέψεως διὰ τὴν διάθεσιν τῆς φετεινῆς παραγωγῆς ἐσπεριδοειδῶν, ἡ ὁποία ὑπολογίζεται εἰς 400.000 τόνους. Θὰ μετάσχουν ἐκπρόσωποι τῶν συνεταιρισμῶν καὶ τῶν ἐξαγωγέων.

ΘΑ ΔΟΘΗ ΑΠΑΝΤΗΣΙΣ ΕΙΣ ΔΗΜΟΣΙΕΥΜΑΤΑ ΠΕΡΙ ΦΟΡΟΔΙΑΦΥΓΗΣ

Ὁ ὑπουργὸς Συντονισμοῦ θὰ ἀπαντήσῃ εἰς δημοσιεύματα περὶ φοροδιαφυγῆς ἐπιχειρήσεων κατὰ τὴν διάρκειαν τοῦ 1965.
